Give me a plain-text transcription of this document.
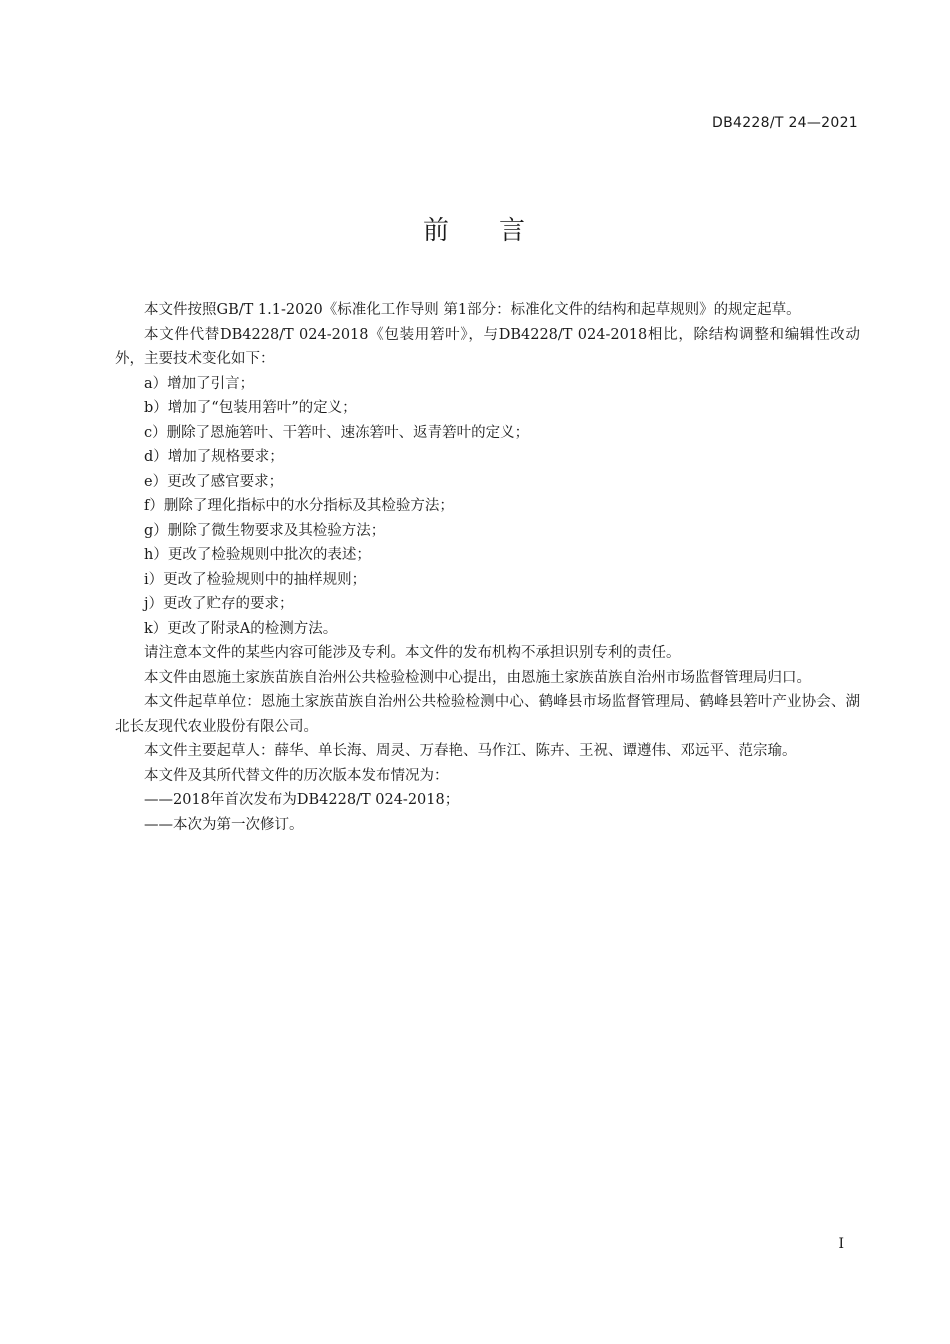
DB4228/T 24—2021
前 言

本文件按照GB/T 1.1-2020《标准化工作导则 第1部分：标准化文件的结构和起草规则》的规定起草。

本文件代替DB4228/T 024-2018《包装用箬叶》，与DB4228/T 024-2018相比，除结构调整和编辑性改动外，主要技术变化如下：

a）增加了引言；

b）增加了“包装用箬叶”的定义；

c）删除了恩施箬叶、干箬叶、速冻箬叶、返青箬叶的定义；

d）增加了规格要求；

e）更改了感官要求；

f）删除了理化指标中的水分指标及其检验方法；

g）删除了微生物要求及其检验方法；

h）更改了检验规则中批次的表述；

i）更改了检验规则中的抽样规则；

j）更改了贮存的要求；

k）更改了附录A的检测方法。

请注意本文件的某些内容可能涉及专利。本文件的发布机构不承担识别专利的责任。

本文件由恩施土家族苗族自治州公共检验检测中心提出，由恩施土家族苗族自治州市场监督管理局归口。

本文件起草单位：恩施土家族苗族自治州公共检验检测中心、鹤峰县市场监督管理局、鹤峰县箬叶产业协会、湖北长友现代农业股份有限公司。

本文件主要起草人：薛华、单长海、周灵、万春艳、马作江、陈卉、王祝、谭遵伟、邓远平、范宗瑜。

本文件及其所代替文件的历次版本发布情况为：

——2018年首次发布为DB4228/T 024-2018；

——本次为第一次修订。

I
